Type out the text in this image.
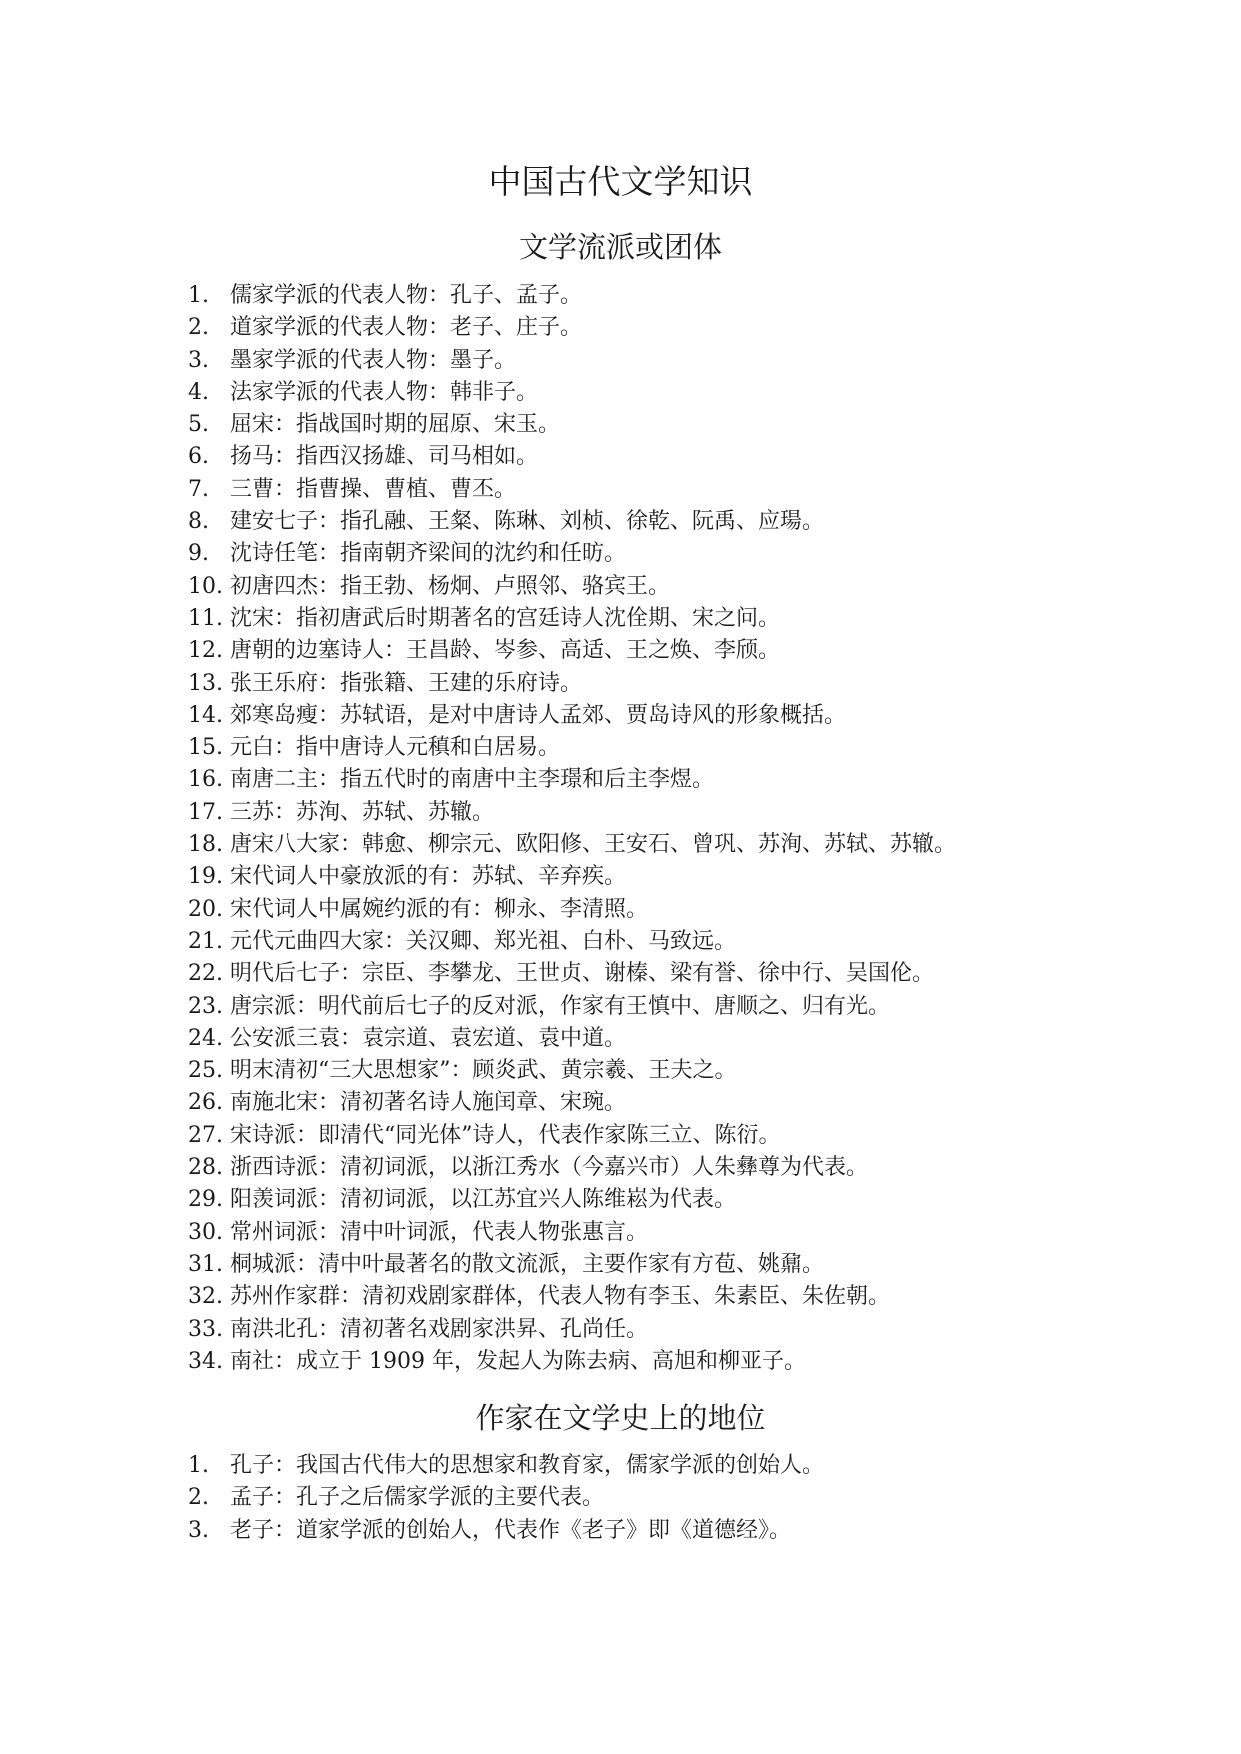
中国古代文学知识
文学流派或团体
1. 儒家学派的代表人物：孔子、孟子。
2. 道家学派的代表人物：老子、庄子。
3. 墨家学派的代表人物：墨子。
4. 法家学派的代表人物：韩非子。
5. 屈宋：指战国时期的屈原、宋玉。
6. 扬马：指西汉扬雄、司马相如。
7. 三曹：指曹操、曹植、曹丕。
8. 建安七子：指孔融、王粲、陈琳、刘桢、徐乾、阮禹、应瑒。
9. 沈诗任笔：指南朝齐梁间的沈约和任昉。
10. 初唐四杰：指王勃、杨炯、卢照邻、骆宾王。
11. 沈宋：指初唐武后时期著名的宫廷诗人沈佺期、宋之问。
12. 唐朝的边塞诗人：王昌龄、岑参、高适、王之焕、李颀。
13. 张王乐府：指张籍、王建的乐府诗。
14. 郊寒岛瘦：苏轼语，是对中唐诗人孟郊、贾岛诗风的形象概括。
15. 元白：指中唐诗人元稹和白居易。
16. 南唐二主：指五代时的南唐中主李璟和后主李煜。
17. 三苏：苏洵、苏轼、苏辙。
18. 唐宋八大家：韩愈、柳宗元、欧阳修、王安石、曾巩、苏洵、苏轼、苏辙。
19. 宋代词人中豪放派的有：苏轼、辛弃疾。
20. 宋代词人中属婉约派的有：柳永、李清照。
21. 元代元曲四大家：关汉卿、郑光祖、白朴、马致远。
22. 明代后七子：宗臣、李攀龙、王世贞、谢榛、梁有誉、徐中行、吴国伦。
23. 唐宗派：明代前后七子的反对派，作家有王慎中、唐顺之、归有光。
24. 公安派三袁：袁宗道、袁宏道、袁中道。
25. 明末清初“三大思想家”：顾炎武、黄宗羲、王夫之。
26. 南施北宋：清初著名诗人施闰章、宋琬。
27. 宋诗派：即清代“同光体”诗人，代表作家陈三立、陈衍。
28. 浙西诗派：清初词派，以浙江秀水（今嘉兴市）人朱彝尊为代表。
29. 阳羡词派：清初词派，以江苏宜兴人陈维崧为代表。
30. 常州词派：清中叶词派，代表人物张惠言。
31. 桐城派：清中叶最著名的散文流派，主要作家有方苞、姚鼐。
32. 苏州作家群：清初戏剧家群体，代表人物有李玉、朱素臣、朱佐朝。
33. 南洪北孔：清初著名戏剧家洪昇、孔尚任。
34. 南社：成立于 1909 年，发起人为陈去病、高旭和柳亚子。
作家在文学史上的地位
1. 孔子：我国古代伟大的思想家和教育家，儒家学派的创始人。
2. 孟子：孔子之后儒家学派的主要代表。
3. 老子：道家学派的创始人，代表作《老子》即《道德经》。
